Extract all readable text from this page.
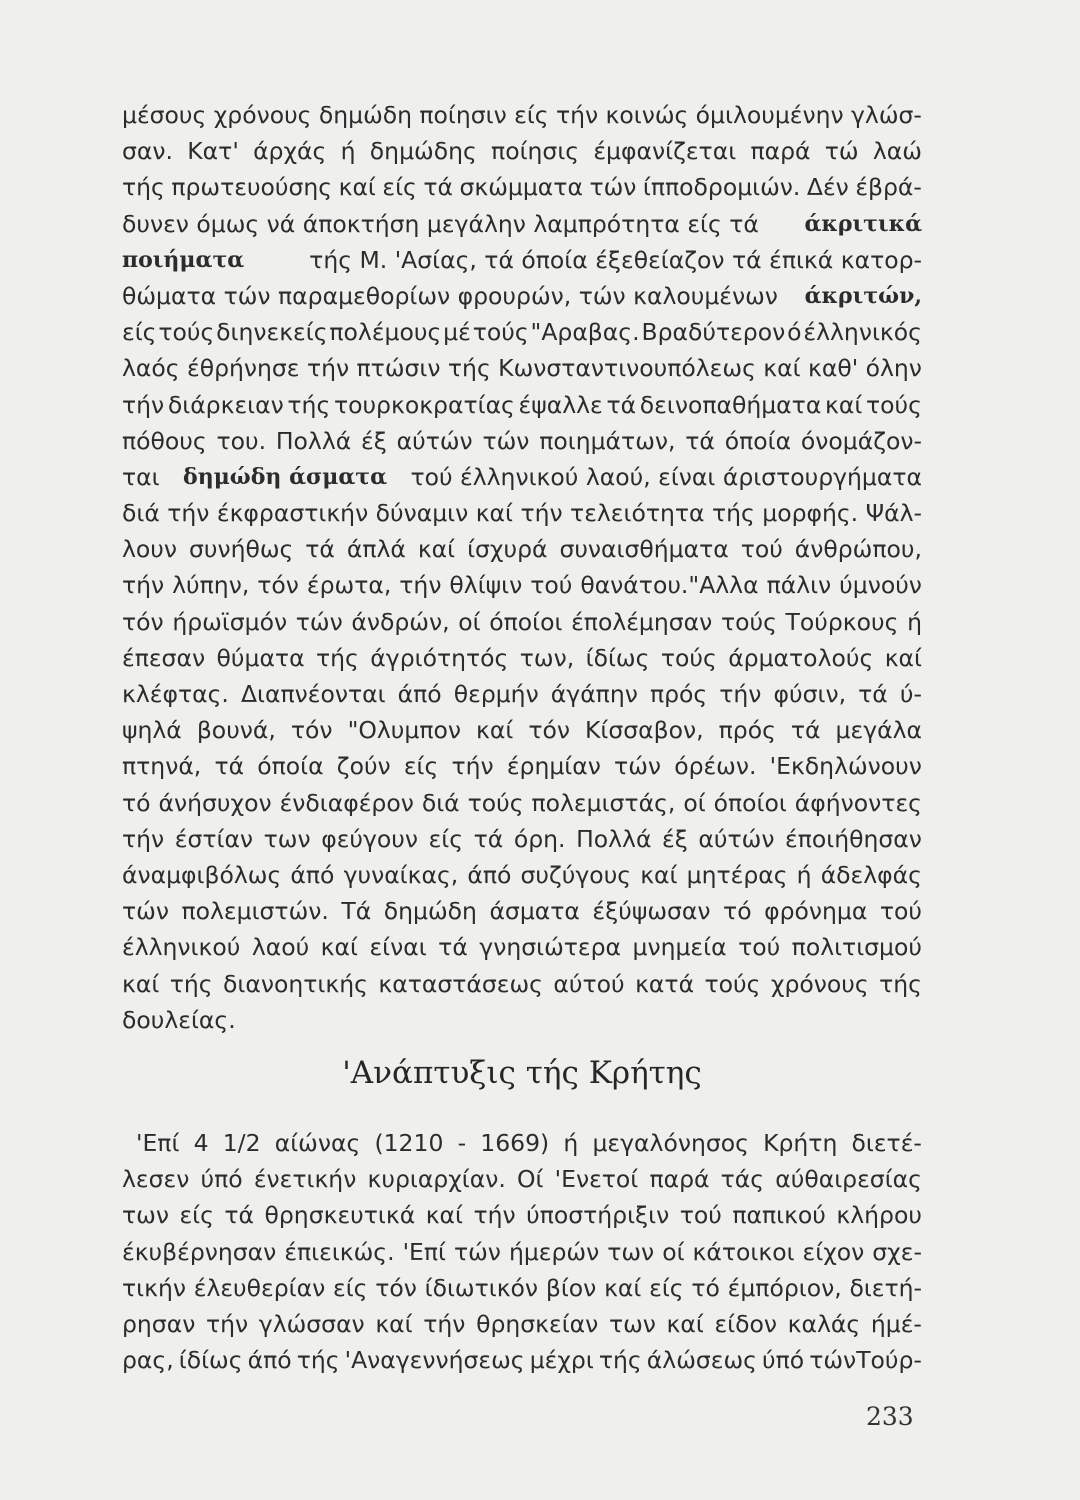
μέσους χρόνους δημώδη ποίησιν είς τήν κοινώς όμιλουμένην γλώσ-
σαν. Κατ' άρχάς ή δημώδης ποίησις έμφανίζεται παρά τώ λαώ
τής πρωτευούσης καί είς τά σκώμματα τών ίπποδρομιών. Δέν έβρά-
δυνεν όμως νά άποκτήση μεγάλην λαμπρότητα είς τά άκριτικά
ποιήματα	τής Μ. 'Ασίας, τά όποία έξεθείαζον τά έπικά κατορ-
θώματα τών παραμεθορίων φρουρών, τών καλουμένων άκριτών,
είς τούς διηνεκείς πολέμους μέ τούς "Αραβας. Βραδύτερον ό έλληνικός
λαός έθρήνησε τήν πτώσιν τής Κωνσταντινουπόλεως καί καθ' όλην
τήν διάρκειαν τής τουρκοκρατίας έψαλλε τά δεινοπαθήματα καί τούς
πόθους του. Πολλά έξ αύτών τών ποιημάτων, τά όποία όνομάζον-
ται δημώδη άσματα τού έλληνικού λαού, είναι άριστουργήματα
διά τήν έκφραστικήν δύναμιν καί τήν τελειότητα τής μορφής. Ψάλ-
λουν συνήθως τά άπλά καί ίσχυρά συναισθήματα τού άνθρώπου,
τήν λύπην, τόν έρωτα, τήν θλίψιν τού θανάτου."Αλλα πάλιν ύμνούν
τόν ήρωϊσμόν τών άνδρών, οί όποίοι έπολέμησαν τούς Τούρκους ή
έπεσαν θύματα τής άγριότητός των, ίδίως τούς άρματολούς καί
κλέφτας. Διαπνέονται άπό θερμήν άγάπην πρός τήν φύσιν, τά ύ-
ψηλά βουνά, τόν "Ολυμπον καί τόν Κίσσαβον, πρός τά μεγάλα
πτηνά, τά όποία ζούν είς τήν έρημίαν τών όρέων. 'Εκδηλώνουν
τό άνήσυχον ένδιαφέρον διά τούς πολεμιστάς, οί όποίοι άφήνοντες
τήν έστίαν των φεύγουν είς τά όρη. Πολλά έξ αύτών έποιήθησαν
άναμφιβόλως άπό γυναίκας, άπό συζύγους καί μητέρας ή άδελφάς
τών πολεμιστών. Τά δημώδη άσματα έξύψωσαν τό φρόνημα τού
έλληνικού λαού καί είναι τά γνησιώτερα μνημεία τού πολιτισμού
καί τής διανοητικής καταστάσεως αύτού κατά τούς χρόνους τής
δουλείας.
'Ανάπτυξις τής Κρήτης
'Επί 4 1/2 αίώνας (1210 - 1669) ή μεγαλόνησος Κρήτη διετέ-
λεσεν ύπό ένετικήν κυριαρχίαν. Οί 'Ενετοί παρά τάς αύθαιρεσίας
των είς τά θρησκευτικά καί τήν ύποστήριξιν τού παπικού κλήρου
έκυβέρνησαν έπιεικώς. 'Επί τών ήμερών των οί κάτοικοι είχον σχε-
τικήν έλευθερίαν είς τόν ίδιωτικόν βίον καί είς τό έμπόριον, διετή-
ρησαν τήν γλώσσαν καί τήν θρησκείαν των καί είδον καλάς ήμέ-
ρας, ίδίως άπό τής 'Αναγεννήσεως μέχρι τής άλώσεως ύπό τώνΤούρ-
233
